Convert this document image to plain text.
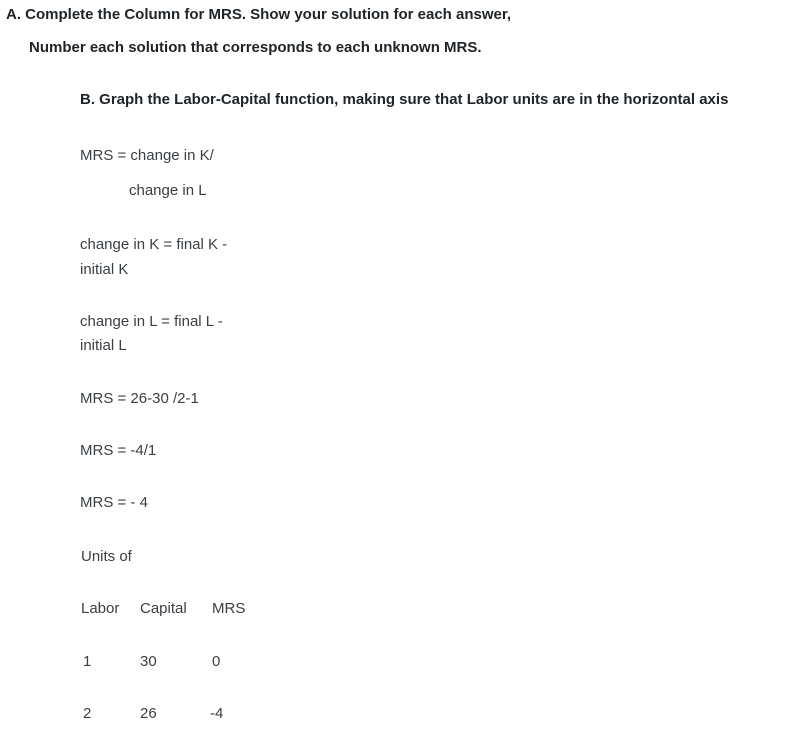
A. Complete the Column for MRS. Show your solution for each answer,
Number each solution that corresponds to each unknown MRS.
B. Graph the Labor-Capital function, making sure that Labor units are in the horizontal axis
MRS = change in K/
change in L
change in K = final K -
initial K
change in L = final L -
initial L
MRS = 26-30 /2-1
MRS = -4/1
MRS = - 4
Units of
Labor Capital MRS
1	30	0
2	26	-4
